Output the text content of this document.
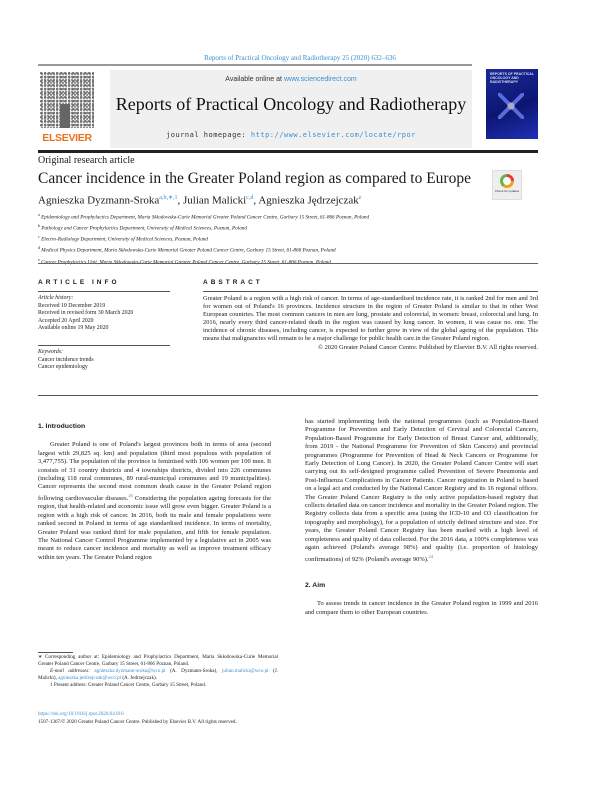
Reports of Practical Oncology and Radiotherapy 25 (2020) 632–636
ELSEVIER
Available online at www.sciencedirect.com
Reports of Practical Oncology and Radiotherapy
journal homepage: http://www.elsevier.com/locate/rpor
REPORTS OF PRACTICAL ONCOLOGY AND RADIOTHERAPY
Original research article
Cancer incidence in the Greater Poland region as compared to Europe
Check for updates
Agnieszka Dyzmann-Sroka$^{a,b,∗,1}$, Julian Malicki$^{c,d}$, Agnieszka Jędrzejczak$^e$
$^a$ Epidemiology and Prophylactics Department, Maria Skłodowska-Curie Memorial Greater Poland Cancer Centre, Garbary 15 Street, 61-866 Poznan, Poland
$^b$ Pathology and Cancer Prophylactics Department, University of Medical Sciences, Poznan, Poland
$^c$ Electro-Radiology Department, University of Medical Sciences, Poznan, Poland
$^d$ Medical Physics Department, Maria Skłodowska-Curie Memorial Greater Poland Cancer Centre, Garbary 15 Street, 61-866 Poznan, Poland
$^e$
ARTICLE INFO	ABSTRACT
Article history:
Received 10 December 2019
Received in revised form 30 March 2020
Accepted 20 April 2020
Available online 19 May 2020
Keywords:
Cancer incidence trends
Cancer epidemiology
Greater Poland is a region with a high risk of cancer. In terms of age-standardised incidence rate, it is ranked 2nd for men and 3rd for women out of Poland's 16 provinces. Incidence structure in the region of Greater Poland is similar to that in other West European countries. The most common cancers in men are lung, prostate and colorectal, in women: breast, colorectal and lung. In 2016, nearly every third cancer-related death in the region was caused by lung cancer. In women, it was cause no. one. The incidence of chronic diseases, including cancer, is expected to further grow in view of the global ageing of the population. This means that malignancies will remain to be a major challenge for public health care.in the Greater Poland region.
© 2020 Greater Poland Cancer Centre. Published by Elsevier B.V. All rights reserved.
1. Introduction

Greater Poland is one of Poland's largest provinces both in terms of area (second largest with 29,825 sq. km) and population (third most populous with population of 3,477,755). The population of the province is feminised with 106 women per 100 men. It consists of 31 country districts and 4 townships districts, divided into 226 communes (including 118 rural communes, 89 rural-municipal communes and 19 municipalities). Cancer represents the second most common death cause in the Greater Poland region following cardiovascular diseases.$^{26}$ Considering the population ageing forecasts for the region, that health-related and economic issue will grow even bigger. Greater Poland is a region with a high risk of cancer. In 2016, both its male and female populations were ranked second in Poland in terms of age standardised incidence. In terms of mortality, Greater Poland was ranked third for male population, and fifth for female population. The National Cancer Control Programme implemented by a legislative act in 2005 was meant to reduce cancer incidence and mortality as well as improve treatment efficacy within ten years. The Greater Poland region

has started implementing both the national programmes (such as Population-Based Programme for Prevention and Early Detection of Cervical and Colorectal Cancers, Population-Based Programme for Early Detection of Breast Cancer and, additionally, from 2019 - the National Programme for Prevention of Skin Cancers) and provincial programmes (Programme for Prevention of Head & Neck Cancers or Programme for Early Detection of Lung Cancer). In 2020, the Greater Poland Cancer Centre will start carrying out its self-designed programme called Prevention of Severe Pneumonia and Post-Influenza Complications in Cancer Patients. Cancer registration in Poland is based on a legal act and conducted by the National Cancer Registry and its 16 regional offices. The Greater Poland Cancer Registry is the only active population-based registry that collects detailed data on cancer incidence and mortality in the Greater Poland region. The Registry collects data from a specific area (using the ICD-10 and O3 classification for topography and morphology), for a population of strictly defined structure and size. For years, the Greater Poland Cancer Registry has been marked with a high level of completeness and quality of data collected. For the 2016 data, a 100% completeness was again achieved (Poland's average 98%) and quality (i.e. proportion of histology confirmations) of 92% (Poland's average 90%).$^{24}$

2. Aim

To assess trends in cancer incidence in the Greater Poland region in 1999 and 2016 and compare them to other European countries.

∗ Corresponding author at: Epidemiology and Prophylactics Department, Maria Skłodowska-Curie Memorial Greater Poland Cancer Centre, Garbary 15 Street, 61-866 Poznan, Poland.
E-mail addresses: agnieszka.dyzmann-sroka@wco.pl (A. Dyzmann-Sroka), julian.malicki@wco.pl (J. Malicki), agnieszka.jedrzejczak@wco.pl (A. Jedrzejczak).
1 Present address: Greater Poland Cancer Centre, Garbary 15 Street, Poland.
https://doi.org/10.1016/j.rpor.2020.04.016
1507-1367/© 2020 Greater Poland Cancer Centre. Published by Elsevier B.V. All rights reserved.
